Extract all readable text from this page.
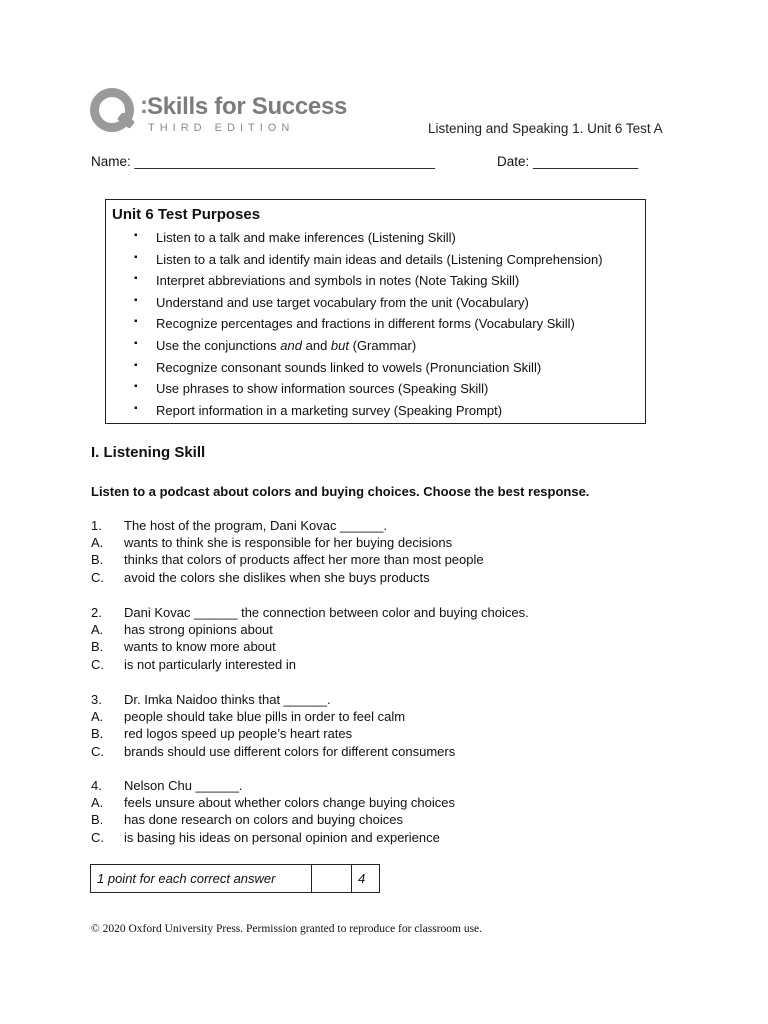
: Skills for Success
THIRD EDITION	Listening and Speaking 1. Unit 6 Test A
Name: ________________________________________	Date: ______________
Unit 6 Test Purposes
▪ Listen to a talk and make inferences (Listening Skill)
▪ Listen to a talk and identify main ideas and details (Listening Comprehension)
▪ Interpret abbreviations and symbols in notes (Note Taking Skill)
▪ Understand and use target vocabulary from the unit (Vocabulary)
▪ Recognize percentages and fractions in different forms (Vocabulary Skill)
▪ Use the conjunctions and and but (Grammar)
▪ Recognize consonant sounds linked to vowels (Pronunciation Skill)
▪ Use phrases to show information sources (Speaking Skill)
▪ Report information in a marketing survey (Speaking Prompt)
I. Listening Skill
Listen to a podcast about colors and buying choices. Choose the best response.
1. The host of the program, Dani Kovac ______.
A. wants to think she is responsible for her buying decisions
B. thinks that colors of products affect her more than most people
C. avoid the colors she dislikes when she buys products
2. Dani Kovac ______ the connection between color and buying choices.
A. has strong opinions about
B. wants to know more about
C. is not particularly interested in
3. Dr. Imka Naidoo thinks that ______.
A. people should take blue pills in order to feel calm
B. red logos speed up people’s heart rates
C. brands should use different colors for different consumers
4. Nelson Chu ______.
A. feels unsure about whether colors change buying choices
B. has done research on colors and buying choices
C. is basing his ideas on personal opinion and experience
1 point for each correct answer		4
© 2020 Oxford University Press. Permission granted to reproduce for classroom use.
